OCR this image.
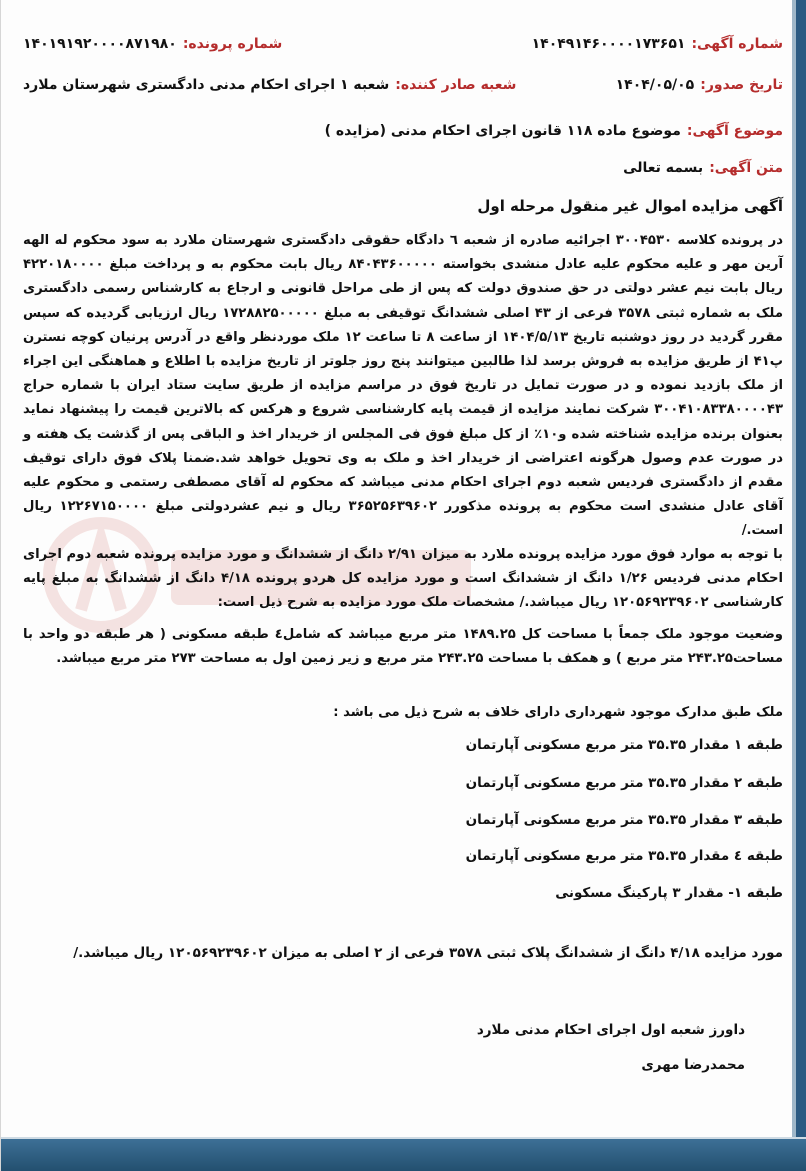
شماره آگهی:
۱۴۰۴۹۱۴۶۰۰۰۰۱۷۳۶۵۱
شماره پرونده:
۱۴۰۱۹۱۹۲۰۰۰۰۸۷۱۹۸۰
تاریخ صدور:
۱۴۰۴/۰۵/۰۵
شعبه صادر کننده:
شعبه ۱ اجرای احکام مدنی دادگستری شهرستان ملارد
موضوع آگهی:
موضوع ماده ۱۱۸ قانون اجرای احکام مدنی (مزایده )
متن آگهی:
بسمه تعالی
آگهی مزایده اموال غیر منقول مرحله اول

در پرونده کلاسه ۳۰۰۴۵۳۰ اجرائیه صادره از شعبه ٦ دادگاه حقوقی دادگستری شهرستان ملارد به سود محکوم له الهه آرین مهر و علیه محکوم علیه عادل منشدی بخواسته ۸۴۰۴۳۶۰۰۰۰۰ ریال بابت محکوم به و پرداخت مبلغ ۴۲۲۰۱۸۰۰۰۰ ریال بابت نیم عشر دولتی در حق صندوق دولت که پس از طی مراحل قانونی و ارجاع به کارشناس رسمی دادگستری ملک به شماره ثبتی ۳۵۷۸ فرعی از ۴۳ اصلی ششدانگ توقیفی به مبلغ ۱۷۲۸۸۲۵۰۰۰۰۰ ریال ارزیابی گردیده که سپس مقرر گردید در روز دوشنبه تاریخ ۱۴۰۴/۵/۱۳ از ساعت ۸ تا ساعت ۱۲ ملک موردنظر واقع در آدرس پرنیان کوچه نسترن پ۴۱ از طریق مزایده به فروش برسد لذا طالبین میتوانند پنج روز جلوتر از تاریخ مزایده با اطلاع و هماهنگی این اجراء از ملک بازدید نموده و در صورت تمایل در تاریخ فوق در مراسم مزایده از طریق سایت ستاد ایران با شماره حراج ۳۰۰۴۱۰۸۳۳۸۰۰۰۰۴۳ شرکت نمایند مزایده از قیمت پایه کارشناسی شروع و هرکس که بالاترین قیمت را پیشنهاد نماید بعنوان برنده مزایده شناخته شده و۱۰٪ از کل مبلغ فوق فی المجلس از خریدار اخذ و الباقی پس از گذشت یک هفته و در صورت عدم وصول هرگونه اعتراضی از خریدار اخذ و ملک به وی تحویل خواهد شد.ضمنا پلاک فوق دارای توقیف مقدم از دادگستری فردیس شعبه دوم اجرای احکام مدنی میباشد که محکوم له آقای مصطفی رستمی و محکوم علیه آقای عادل منشدی است محکوم به پرونده مذکورر ۳۶۵۲۵۶۳۹۶۰۲ ریال و نیم عشردولتی مبلغ ۱۲۲۶۷۱۵۰۰۰۰ ریال است./

با توجه به موارد فوق مورد مزایده پرونده ملارد به میزان ۲/۹۱ دانگ از ششدانگ و مورد مزایده پرونده شعبه دوم اجرای احکام مدنی فردیس ۱/۲۶ دانگ از ششدانگ است و مورد مزایده کل هردو پرونده ۴/۱۸ دانگ از ششدانگ به مبلغ پایه کارشناسی ۱۲۰۵۶۹۲۳۹۶۰۲ ریال میباشد./ مشخصات ملک مورد مزایده به شرح ذیل است:

وضعیت موجود ملک جمعاً با مساحت کل ۱۴۸۹.۲۵ متر مربع میباشد که شامل٤ طبقه مسکونی ( هر طبقه دو واحد با مساحت۲۴۳.۲۵ متر مربع ) و همکف با مساحت ۲۴۳.۲۵ متر مربع و زیر زمین اول به مساحت ۲۷۳ متر مربع میباشد.

ملک طبق مدارک موجود شهرداری دارای خلاف به شرح ذیل می باشد :

طبقه ۱ مقدار ۳۵.۳۵ متر مربع مسکونی آپارتمان
طبقه ۲ مقدار ۳۵.۳۵ متر مربع مسکونی آپارتمان
طبقه ۳ مقدار ۳۵.۳۵ متر مربع مسکونی آپارتمان
طبقه ٤ مقدار ۳۵.۳۵ متر مربع مسکونی آپارتمان
طبقه ۱- مقدار ۳ پارکینگ مسکونی
مورد مزایده ۴/۱۸ دانگ از ششدانگ پلاک ثبتی ۳۵۷۸ فرعی از ۲ اصلی به میزان ۱۲۰۵۶۹۲۳۹۶۰۲ ریال میباشد./
داورز شعبه اول اجرای احکام مدنی ملارد
محمدرضا مهری
